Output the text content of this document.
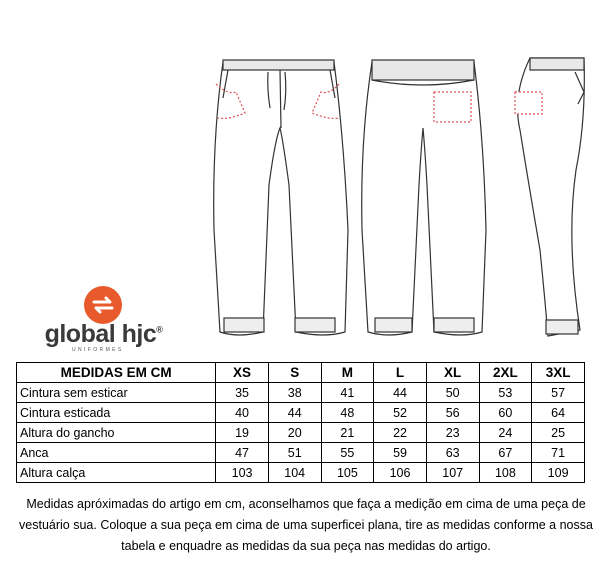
global hjc®
UNIFORMES
MEDIDAS EM CM	XS	S	M	L	XL	2XL	3XL
Cintura sem esticar	35	38	41	44	50	53	57
Cintura esticada	40	44	48	52	56	60	64
Altura do gancho	19	20	21	22	23	24	25
Anca	47	51	55	59	63	67	71
Altura calça	103	104	105	106	107	108	109
Medidas apróximadas do artigo em cm, aconselhamos que faça a medição em cima de uma peça de vestuário sua. Coloque a sua peça em cima de uma superficei plana, tire as medidas conforme a nossa tabela e enquadre as medidas da sua peça nas medidas do artigo.
